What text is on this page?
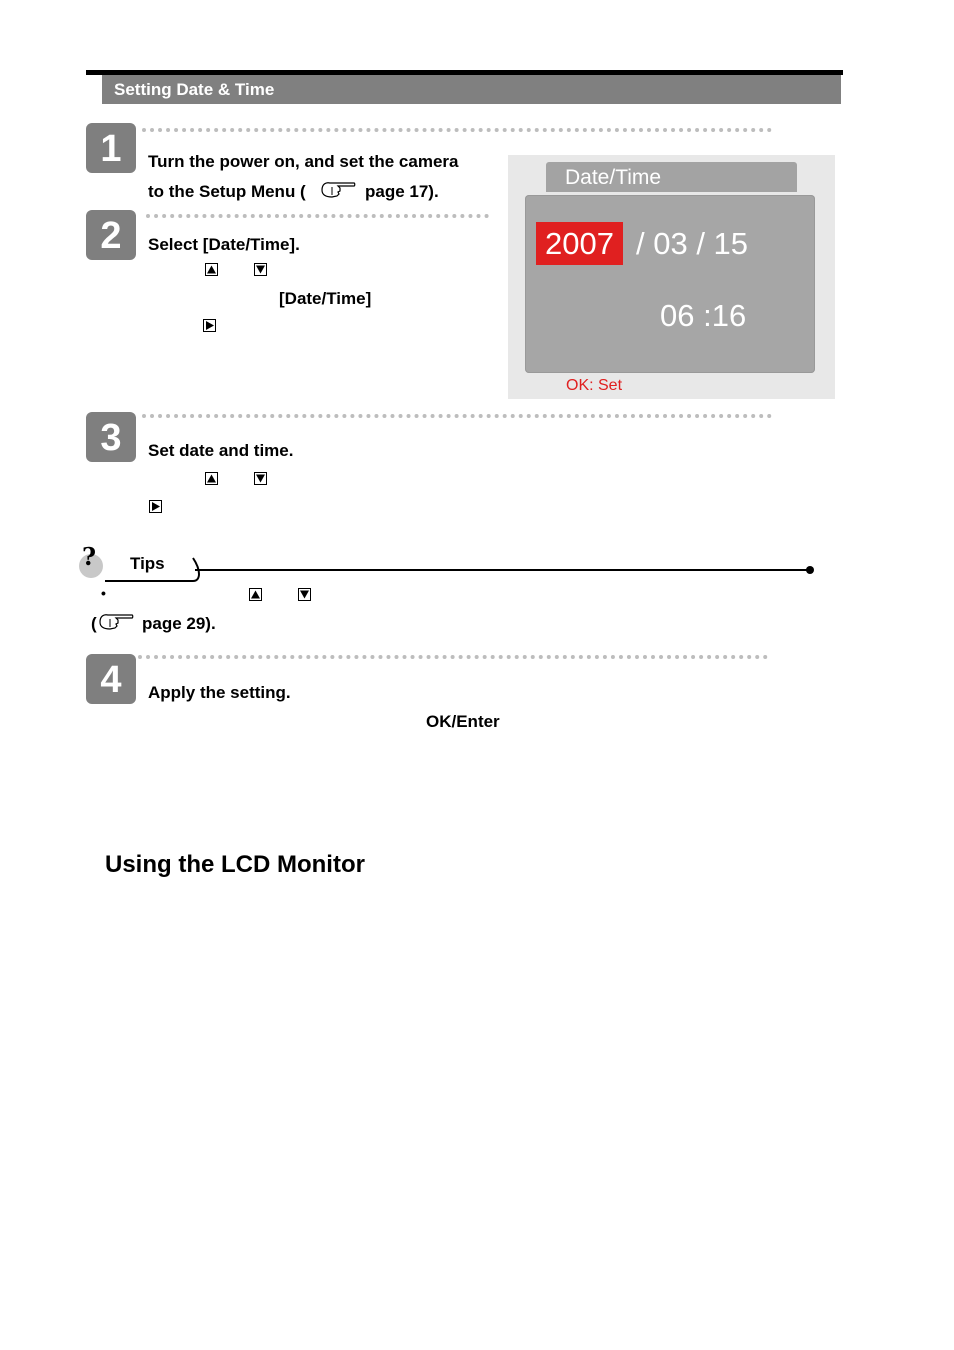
Setting Date & Time
1	Turn the power on, and set the camera
to the Setup Menu (	page 17).
2	Select [Date/Time].
[Date/Time]
Date/Time
2007 / 03 / 15
06 :16
OK: Set
3	Set date and time.
? Tips
•
(	page 29).
4	Apply the setting.
OK/Enter
Using the LCD Monitor
